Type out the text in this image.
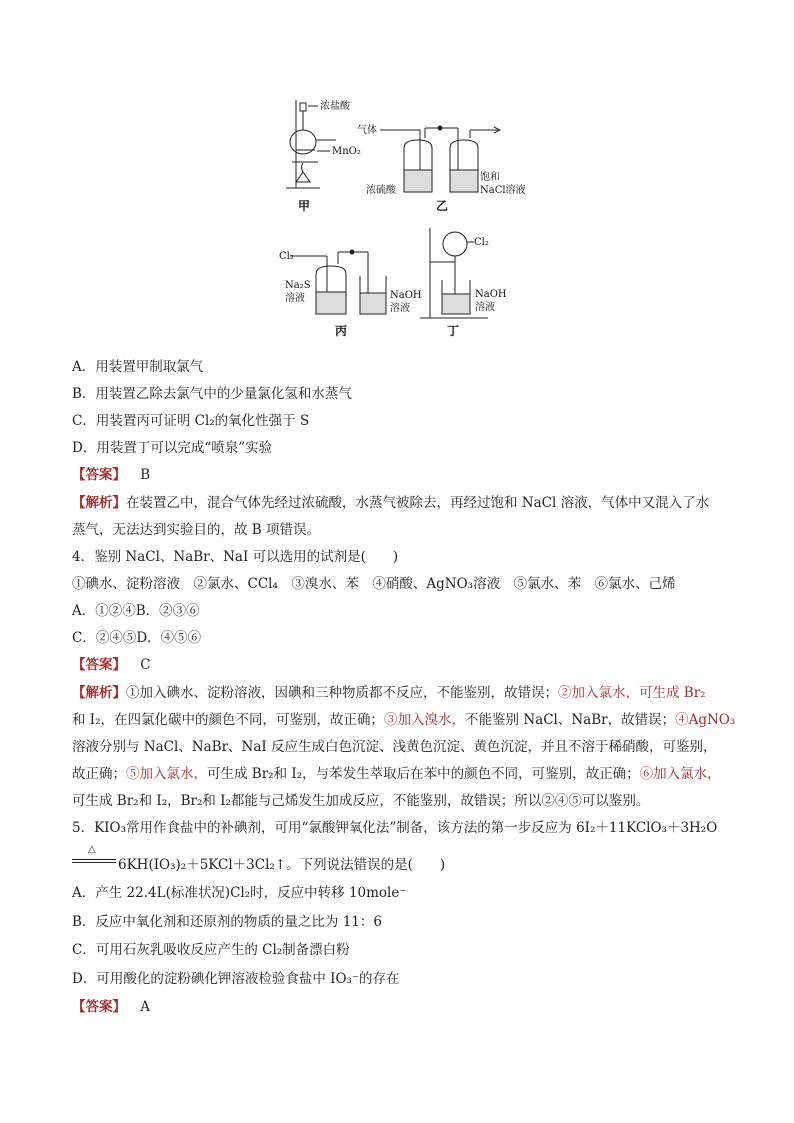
浓盐酸
MnO₂
甲
气体
浓硫酸
饱和
NaCl溶液
乙
Cl₂
Na₂S
溶液	NaOH
溶液
丙
Cl₂
NaOH
溶液
丁
A．用装置甲制取氯气
B．用装置乙除去氯气中的少量氯化氢和水蒸气
C．用装置丙可证明 Cl₂的氧化性强于 S
D．用装置丁可以完成“喷泉”实验
【答案】 B
【解析】在装置乙中，混合气体先经过浓硫酸，水蒸气被除去，再经过饱和 NaCl 溶液，气体中又混入了水
蒸气，无法达到实验目的，故 B 项错误。
4．鉴别 NaCl、NaBr、NaI 可以选用的试剂是(　　)
①碘水、淀粉溶液　②氯水、CCl₄　③溴水、苯　④硝酸、AgNO₃溶液　⑤氯水、苯　⑥氯水、己烯
A．①②④B．②③⑥
C．②④⑤D．④⑤⑥
【答案】 C
【解析】①加入碘水、淀粉溶液，因碘和三种物质都不反应，不能鉴别，故错误；②加入氯水，可生成 Br₂
和 I₂，在四氯化碳中的颜色不同，可鉴别，故正确；③加入溴水，不能鉴别 NaCl、NaBr，故错误；④AgNO₃
溶液分别与 NaCl、NaBr、NaI 反应生成白色沉淀、浅黄色沉淀、黄色沉淀，并且不溶于稀硝酸，可鉴别，
故正确；⑤加入氯水，可生成 Br₂和 I₂，与苯发生萃取后在苯中的颜色不同，可鉴别，故正确；⑥加入氯水，
可生成 Br₂和 I₂，Br₂和 I₂都能与己烯发生加成反应，不能鉴别，故错误；所以②④⑤可以鉴别。
5．KIO₃常用作食盐中的补碘剂，可用“氯酸钾氧化法”制备，该方法的第一步反应为 6I₂＋11KClO₃＋3H₂O
△
6KH(IO₃)₂＋5KCl＋3Cl₂↑。下列说法错误的是(　　)
A．产生 22.4L(标准状况)Cl₂时，反应中转移 10mole⁻
B．反应中氧化剂和还原剂的物质的量之比为 11：6
C．可用石灰乳吸收反应产生的 Cl₂制备漂白粉
D．可用酸化的淀粉碘化钾溶液检验食盐中 IO₃⁻的存在
【答案】 A
